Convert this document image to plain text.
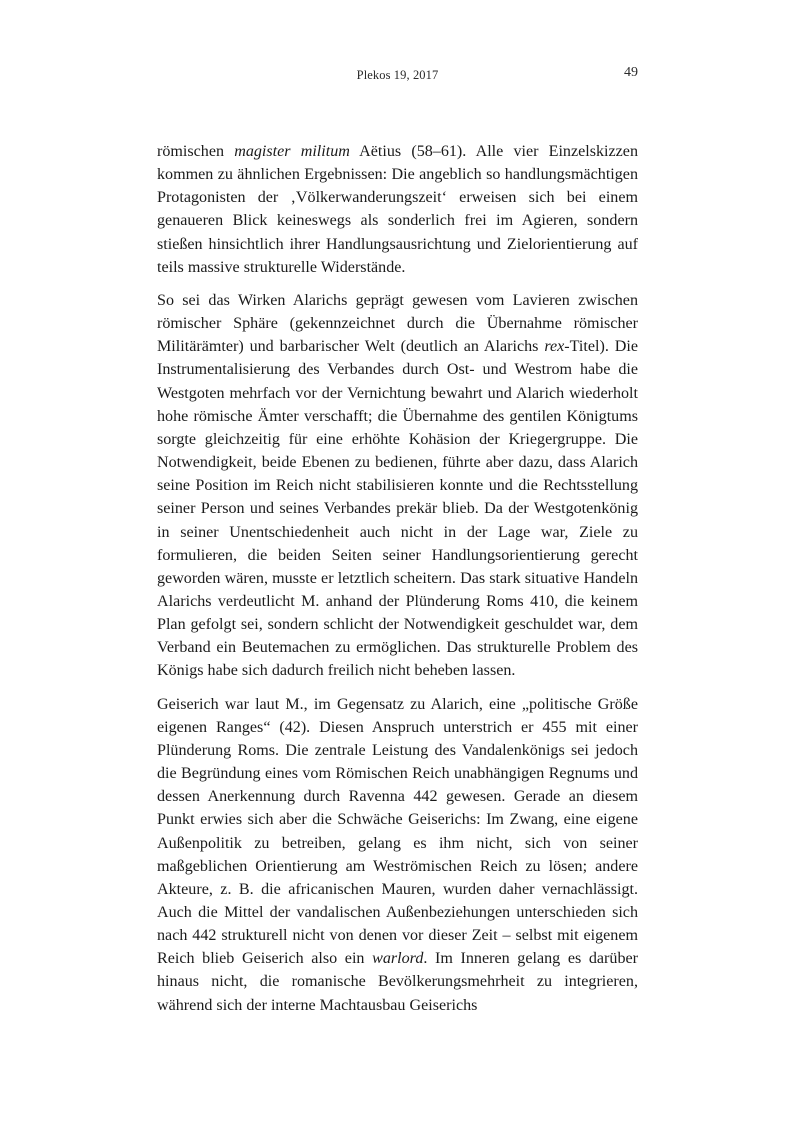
Plekos 19, 2017	49

römischen magister militum Aëtius (58–61). Alle vier Einzelskizzen kommen zu ähnlichen Ergebnissen: Die angeblich so handlungsmächtigen Protagonisten der ‚Völkerwanderungszeit‘ erweisen sich bei einem genaueren Blick keineswegs als sonderlich frei im Agieren, sondern stießen hinsichtlich ihrer Handlungsausrichtung und Zielorientierung auf teils massive strukturelle Widerstände.

So sei das Wirken Alarichs geprägt gewesen vom Lavieren zwischen römischer Sphäre (gekennzeichnet durch die Übernahme römischer Militärämter) und barbarischer Welt (deutlich an Alarichs rex-Titel). Die Instrumentalisierung des Verbandes durch Ost- und Westrom habe die Westgoten mehrfach vor der Vernichtung bewahrt und Alarich wiederholt hohe römische Ämter verschafft; die Übernahme des gentilen Königtums sorgte gleichzeitig für eine erhöhte Kohäsion der Kriegergruppe. Die Notwendigkeit, beide Ebenen zu bedienen, führte aber dazu, dass Alarich seine Position im Reich nicht stabilisieren konnte und die Rechtsstellung seiner Person und seines Verbandes prekär blieb. Da der Westgotenkönig in seiner Unentschiedenheit auch nicht in der Lage war, Ziele zu formulieren, die beiden Seiten seiner Handlungsorientierung gerecht geworden wären, musste er letztlich scheitern. Das stark situative Handeln Alarichs verdeutlicht M. anhand der Plünderung Roms 410, die keinem Plan gefolgt sei, sondern schlicht der Notwendigkeit geschuldet war, dem Verband ein Beutemachen zu ermöglichen. Das strukturelle Problem des Königs habe sich dadurch freilich nicht beheben lassen.

Geiserich war laut M., im Gegensatz zu Alarich, eine „politische Größe eigenen Ranges“ (42). Diesen Anspruch unterstrich er 455 mit einer Plünderung Roms. Die zentrale Leistung des Vandalenkönigs sei jedoch die Begründung eines vom Römischen Reich unabhängigen Regnums und dessen Anerkennung durch Ravenna 442 gewesen. Gerade an diesem Punkt erwies sich aber die Schwäche Geiserichs: Im Zwang, eine eigene Außenpolitik zu betreiben, gelang es ihm nicht, sich von seiner maßgeblichen Orientierung am Weströmischen Reich zu lösen; andere Akteure, z. B. die africanischen Mauren, wurden daher vernachlässigt. Auch die Mittel der vandalischen Außenbeziehungen unterschieden sich nach 442 strukturell nicht von denen vor dieser Zeit – selbst mit eigenem Reich blieb Geiserich also ein warlord. Im Inneren gelang es darüber hinaus nicht, die romanische Bevölkerungsmehrheit zu integrieren, während sich der interne Machtausbau Geiserichs
